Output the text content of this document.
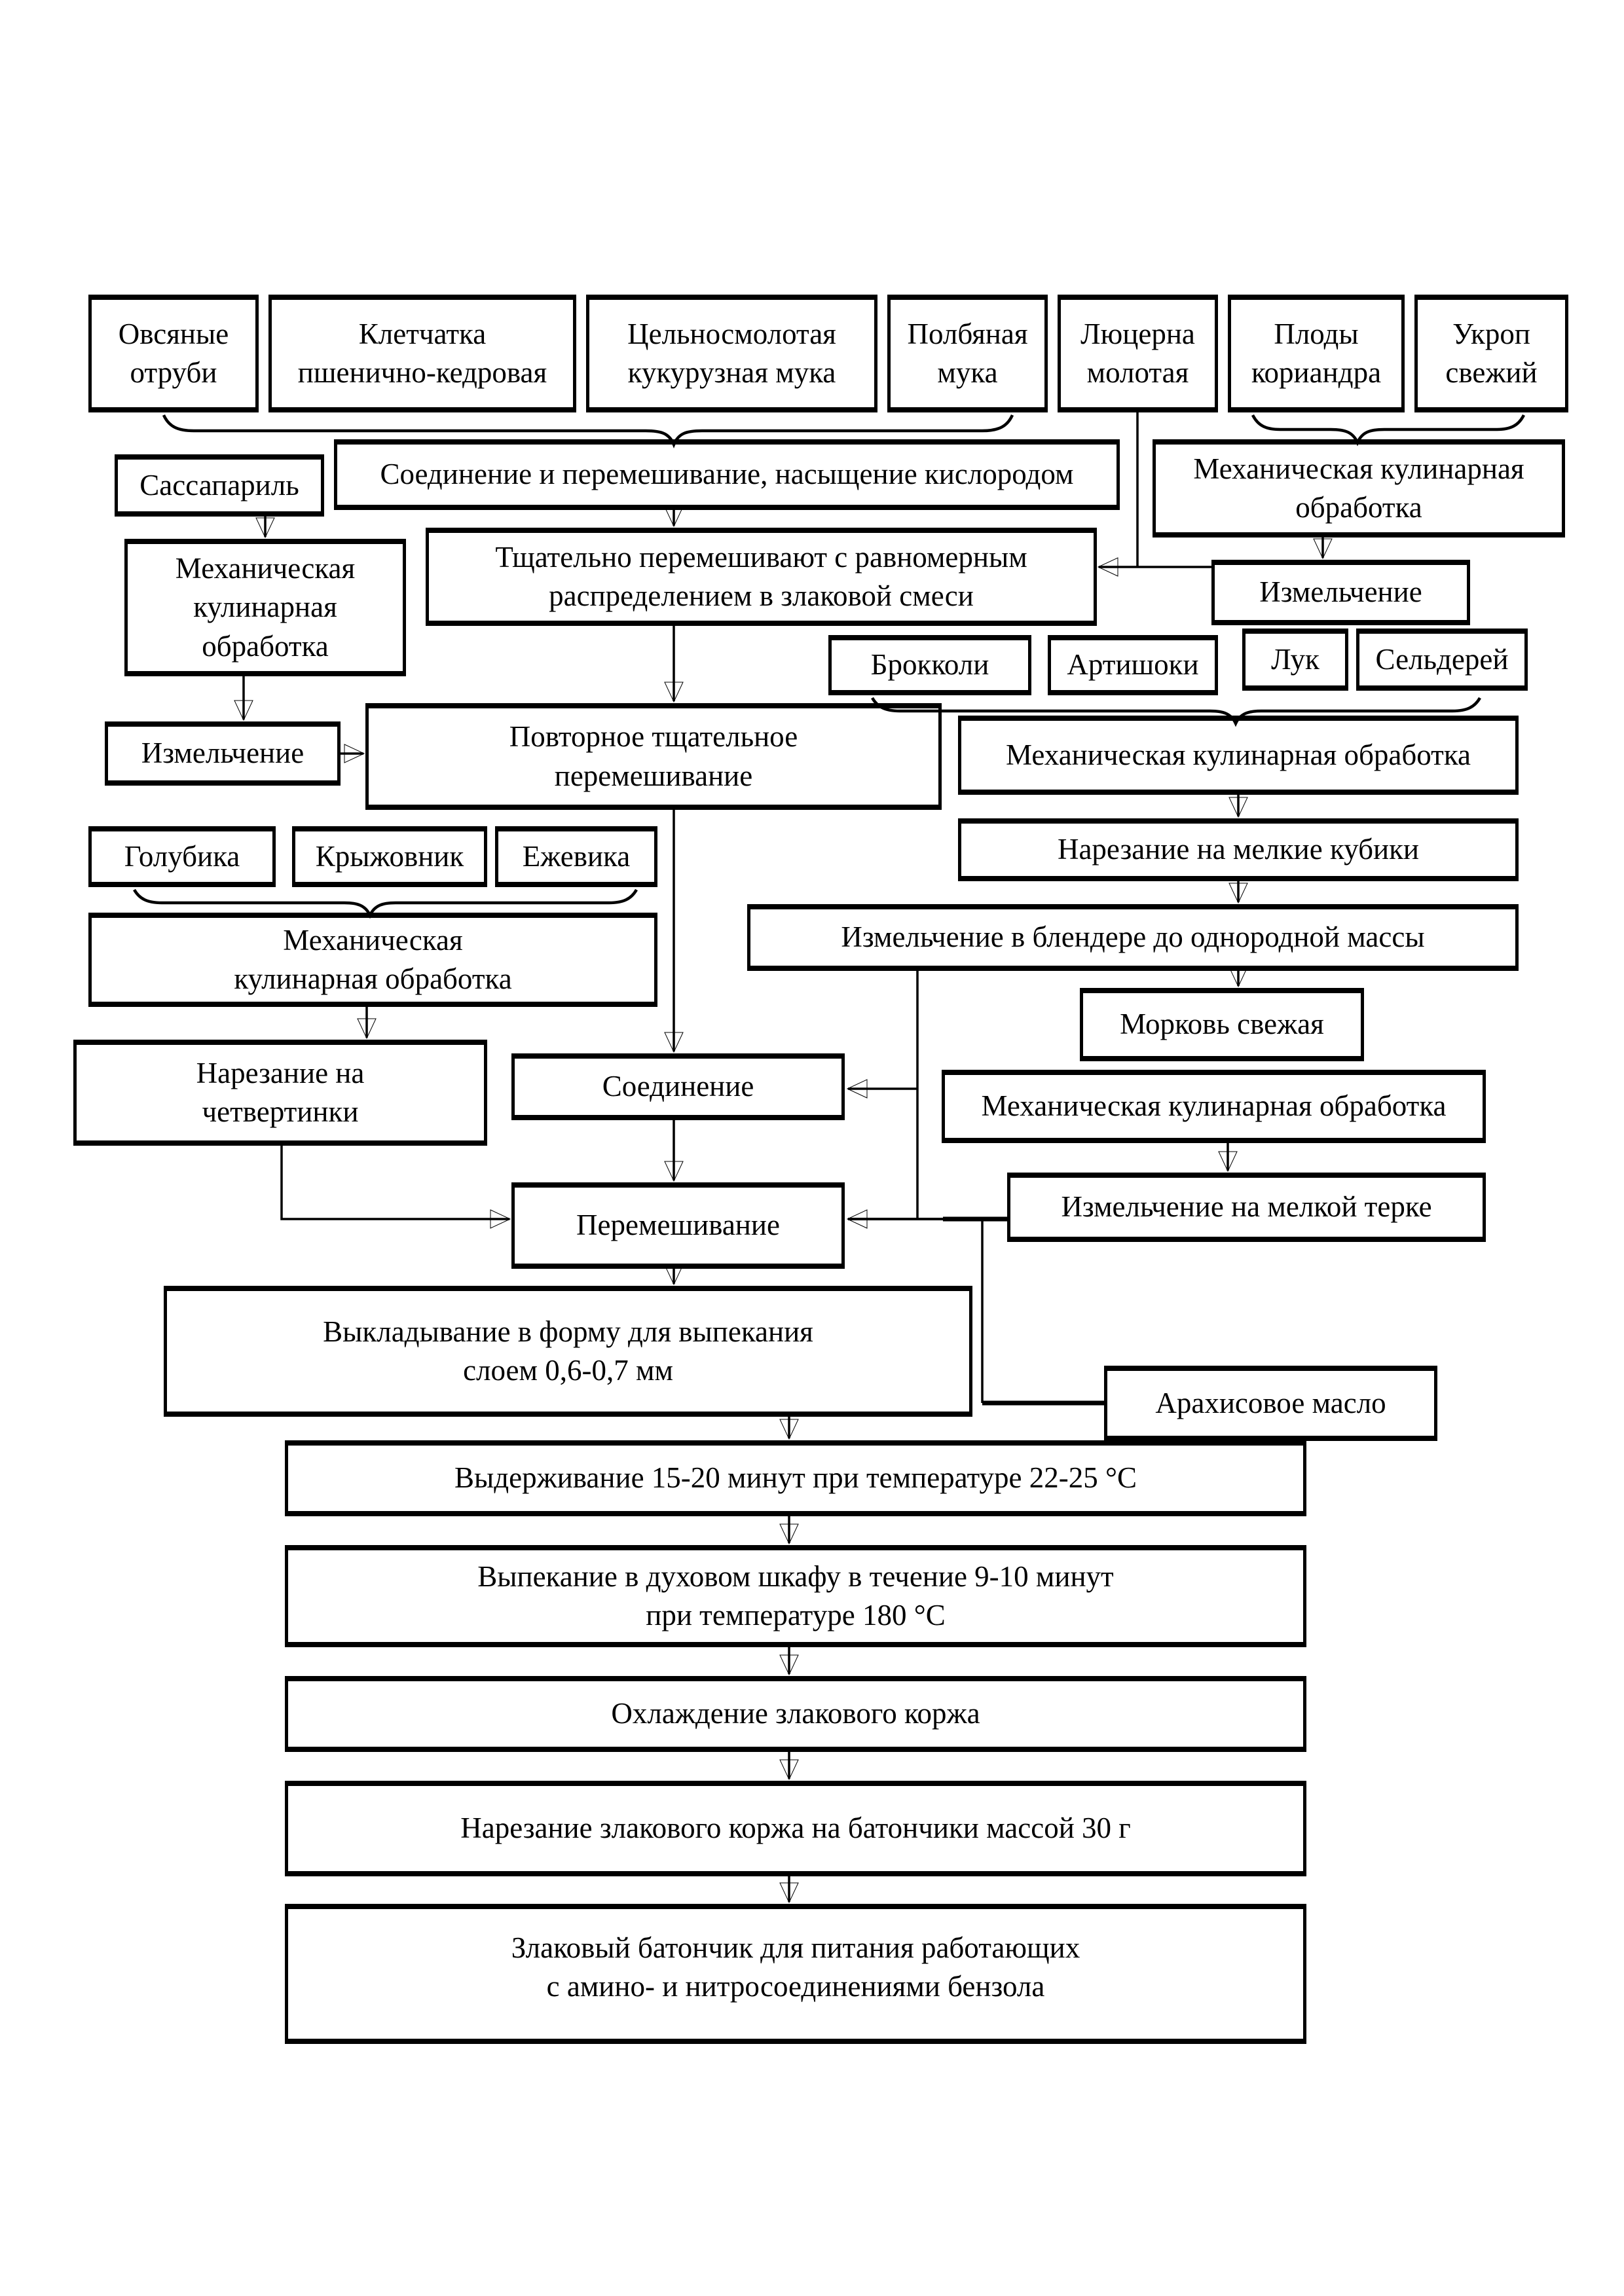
Овсяные
отруби
Клетчатка
пшенично-кедровая
Цельносмолотая
кукурузная мука
Полбяная
мука
Люцерна
молотая
Плоды
кориандра
Укроп
свежий
Сассапариль	Соединение и перемешивание, насыщение кислородом	Механическая кулинарная
обработка
Механическая
кулинарная
обработка
Тщательно перемешивают с равномерным
распределением в злаковой смеси	Измельчение
Брокколи	Артишоки	Лук	Сельдерей
Повторное тщательное
перемешивание
Измельчение	Механическая кулинарная обработка
Нарезание на мелкие кубики
Голубика	Крыжовник	Ежевика
Измельчение в блендере до однородной массы
Механическая
кулинарная обработка
Морковь свежая
Нарезание на
четвертинки
Соединение
Механическая кулинарная обработка
Перемешивание
Измельчение на мелкой терке
Арахисовое масло
Выкладывание в форму для выпекания
слоем 0,6-0,7 мм
Выдерживание 15-20 минут при температуре 22-25 °С
Выпекание в духовом шкафу в течение 9-10 минут
при температуре 180 °С
Охлаждение злакового коржа
Нарезание злакового коржа на батончики массой 30 г
Злаковый батончик для питания работающих
с амино- и нитросоединениями бензола
